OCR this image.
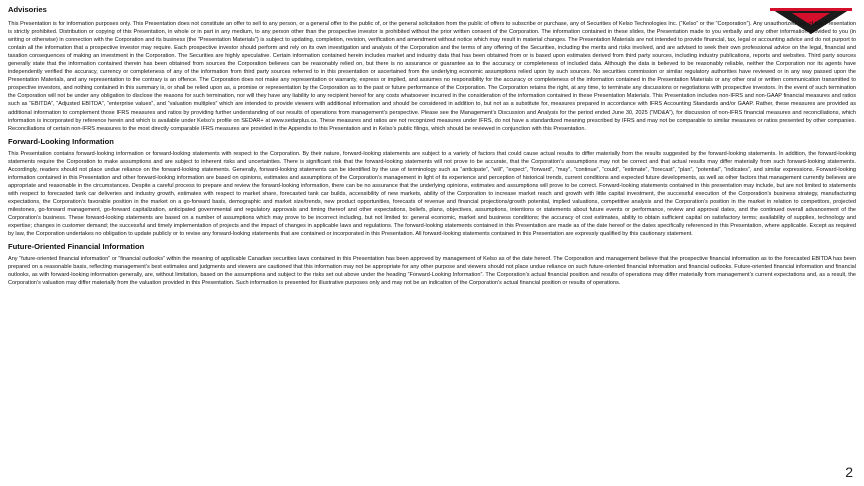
Advisories

This Presentation is for information purposes only. This Presentation does not constitute an offer to sell to any person, or a general offer to the public of, or the general solicitation from the public of offers to subscribe or purchase, any of Securities of Kelso Technologies Inc. (“Kelso” or the “Corporation”). Any unauthorized use of this Presentation is strictly prohibited. Distribution or copying of this Presentation, in whole or in part in any medium, to any person other than the prospective investor is prohibited without the prior written consent of the Corporation. The information contained in these slides, the Presentation made to you verbally and any other information provided to you (in writing or otherwise) in connection with the Corporation and its business (the “Presentation Materials”) is subject to updating, completion, revision, verification and amendment without notice which may result in material changes. The Presentation Materials are not intended to provide financial, tax, legal or accounting advice and do not purport to contain all the information that a prospective investor may require. Each prospective investor should perform and rely on its own investigation and analysis of the Corporation and the terms of any offering of the Securities, including the merits and risks involved, and are advised to seek their own professional advice on the legal, financial and taxation consequences of making an investment in the Corporation. The Securities are highly speculative. Certain information contained herein includes market and industry data that has been obtained from or is based upon estimates derived from third party sources, including industry publications, reports and websites. Third party sources generally state that the information contained therein has been obtained from sources the Corporation believes can be reasonably relied on, but there is no assurance or guarantee as to the accuracy or completeness of included data. Although the data is believed to be reasonably reliable, neither the Corporation nor its agents have independently verified the accuracy, currency or completeness of any of the information from third party sources referred to in this presentation or ascertained from the underlying economic assumptions relied upon by such sources. No securities commission or similar regulatory authorities have reviewed or in any way passed upon the Presentation Materials, and any representation to the contrary is an offence. The Corporation does not make any representation or warranty, express or implied, and assumes no responsibility for the accuracy or completeness of the information contained in the Presentation Materials or any other oral or written communication transmitted to prospective investors, and nothing contained in this summary is, or shall be relied upon as, a promise or representation by the Corporation as to the past or future performance of the Corporation. The Corporation retains the right, at any time, to terminate any discussions or negotiations with prospective investors. In the event of such termination the Corporation will not be under any obligation to disclose the reasons for such termination, nor will they have any liability to any recipient hereof for any costs whatsoever incurred in the consideration of the information contained in these Presentation Materials. This Presentation includes non-IFRS and non-GAAP financial measures and ratios such as “EBITDA”, “Adjusted EBITDA”, “enterprise values”, and “valuation multiples” which are intended to provide viewers with additional information and should be considered in addition to, but not as a substitute for, measures prepared in accordance with IFRS Accounting Standards and/or GAAP. Rather, these measures are provided as additional information to complement those IFRS measures and ratios by providing further understanding of our results of operations from management’s perspective. Please see the Management’s Discussion and Analysis for the period ended June 30, 2025 (“MD&A”), for discussion of non-IFRS financial measures and reconciliations, which information is incorporated by reference herein and which is available under Kelso’s profile on SEDAR+ at www.sedarplus.ca. These measures and ratios are not recognized measures under IFRS, do not have a standardized meaning prescribed by IFRS and may not be comparable to similar measures or ratios presented by other companies. Reconciliations of certain non-IFRS measures to the most directly comparable IFRS measures are provided in the Appendix to this Presentation and in Kelso’s public filings, which should be reviewed in conjunction with this Presentation.

Forward-Looking Information

This Presentation contains forward-looking information or forward-looking statements with respect to the Corporation. By their nature, forward-looking statements are subject to a variety of factors that could cause actual results to differ materially from the results suggested by the forward-looking statements. In addition, the forward-looking statements require the Corporation to make assumptions and are subject to inherent risks and uncertainties. There is significant risk that the forward-looking statements will not prove to be accurate, that the Corporation’s assumptions may not be correct and that actual results may differ materially from such forward-looking statements. Accordingly, readers should not place undue reliance on the forward-looking statements. Generally, forward-looking statements can be identified by the use of terminology such as “anticipate”, “will”, “expect”, “forward”, “may”, “continue”, “could”, “estimate”, “forecast”, “plan”, “potential”, “indicates”, and similar expressions. Forward-looking information contained in this Presentation and other forward-looking information are based on opinions, estimates and assumptions of the Corporation’s management in light of its experience and perception of historical trends, current conditions and expected future developments, as well as other factors that management currently believes are appropriate and reasonable in the circumstances. Despite a careful process to prepare and review the forward-looking information, there can be no assurance that the underlying opinions, estimates and assumptions will prove to be correct. Forward-looking statements contained in this presentation may include, but are not limited to statements with respect to forecasted tank car deliveries and industry growth, estimates with respect to market share, forecasted tank car builds, accessibility of new markets, ability of the Corporation to increase market reach and growth with little capital investment, the successful execution of the Corporation’s business strategy, manufacturing expectations, the Corporation’s favorable position in the market on a go-forward basis, demographic and market size/trends, new product opportunities, forecasts of revenue and financial projections/growth potential, implied valuations, competitive analysis and the Corporation’s position in the market in relation to competitors, projected milestones, go-forward management, go-forward capitalization, anticipated governmental and regulatory approvals and timing thereof and other expectations, beliefs, plans, objectives, assumptions, intentions or statements about future events or performance, review and approval dates, and the continued overall advancement of the Corporation’s business. These forward-looking statements are based on a number of assumptions which may prove to be incorrect including, but not limited to: general economic, market and business conditions; the accuracy of cost estimates, ability to obtain sufficient capital on satisfactory terms; availability of supplies, technology and expertise; changes in customer demand; the successful and timely implementation of projects and the impact of changes in applicable laws and regulations. The forward-looking statements contained in this Presentation are made as of the date hereof or the dates specifically referenced in this Presentation, where applicable. Except as required by law, the Corporation undertakes no obligation to update publicly or to revise any forward-looking statements that are contained or incorporated in this Presentation. All forward-looking statements contained in this Presentation are expressly qualified by this cautionary statement.

Future-Oriented Financial Information

Any “future-oriented financial information” or “financial outlooks” within the meaning of applicable Canadian securities laws contained in this Presentation has been approved by management of Kelso as of the date hereof. The Corporation and management believe that the prospective financial information as to the forecasted EBITDA has been prepared on a reasonable basis, reflecting management’s best estimates and judgments and viewers are cautioned that this information may not be appropriate for any other purpose and viewers should not place undue reliance on such future-oriented financial information and financial outlooks. Future-oriented financial information and financial outlooks, as with forward-looking information generally, are, without limitation, based on the assumptions and subject to the risks set out above under the heading “Forward-Looking Information”. The Corporation’s actual financial position and results of operations may differ materially from management’s current expectations and, as a result, the Corporation’s valuation may differ materially from the valuation provided in this Presentation. Such information is presented for illustrative purposes only and may not be an indication of the Corporation’s actual financial position or results of operations.

2
